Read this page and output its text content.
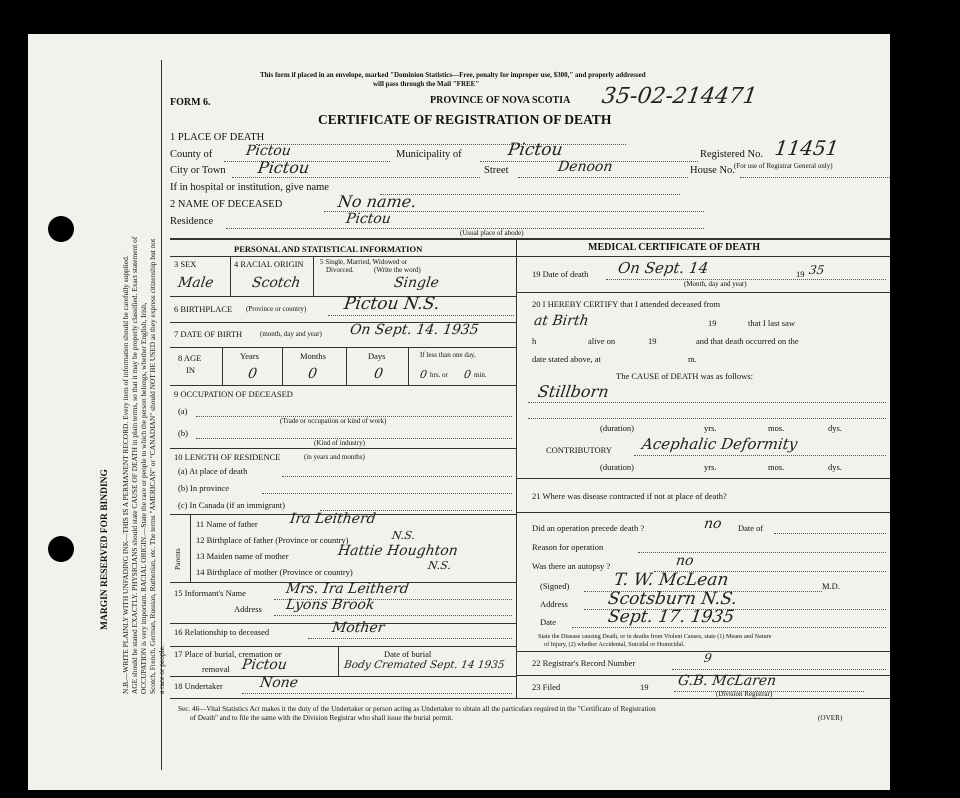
MARGIN RESERVED FOR BINDING N.B.—WRITE PLAINLY WITH UNFADING INK—THIS IS A PERMANENT RECORD. Every item of information should be carefully supplied. AGE should be stated EXACTLY. PHYSICIANS should state CAUSE OF DEATH in plain terms, so that it may be properly classified. Exact statement of OCCUPATION is very important. RACIAL ORIGIN.—State the race or people to which the person belongs, whether English, Irish, Scotch, French, German, Russian, Ruthenian, etc. The terms "AMERICAN" or "CANADIAN" should NOT BE USED as they express citizenship but not a race or people.
This form if placed in an envelope, marked "Dominion Statistics—Free, penalty for improper use, $300," and properly addressed
will pass through the Mail "FREE"
FORM 6.	PROVINCE OF NOVA SCOTIA 35-02-214471
CERTIFICATE OF REGISTRATION OF DEATH
1 PLACE OF DEATH
County of Pictou	Municipality of	Pictou	Registered No. 11451
(For use of Registrar General only)
City or Town Pictou	Street	Denoon	House No.
If in hospital or institution, give name
2 NAME OF DECEASED	No name.
Residence	Pictou
(Usual place of abode)
PERSONAL AND STATISTICAL INFORMATION
3 SEX
Male
4 RACIAL ORIGIN
Scotch
5 Single, Married, Widowed or
Divorced.	(Write the word)
Single
6 BIRTHPLACE (Province or country) Pictou N.S.
7 DATE OF BIRTH	(month, day and year) On Sept. 14. 1935
8 AGE
IN
Years
0
Months
0
Days
0
If less than one day,
0 hrs. or 0 min.
9 OCCUPATION OF DECEASED
(a)
(Trade or occupation or kind of work)
(b)
(Kind of industry)
10 LENGTH OF RESIDENCE	(in years and months)
(a) At place of death
(b) In province
(c) In Canada (if an immigrant)
Parents
11 Name of father Ira Leitherd
12 Birthplace of father (Province or country)	N.S.
13 Maiden name of mother	Hattie Houghton
14 Birthplace of mother (Province or country)	N.S.
15 Informant's Name	Mrs. Ira Leitherd
Address Lyons Brook
16 Relationship to deceased	Mother
17 Place of burial, cremation or
removal Pictou
Date of burial
Body Cremated Sept. 14 1935
18 Undertaker	None
MEDICAL CERTIFICATE OF DEATH
19 Date of death On Sept. 14	19 35
(Month, day and year)
20 I HEREBY CERTIFY that I attended deceased from
at Birth	19	that I last saw
h	alive on	19	and that death occurred on the
date stated above, at	m.
The CAUSE of DEATH was as follows:
Stillborn
(duration)	yrs.	mos.	dys.
CONTRIBUTORY Acephalic Deformity
(duration)	yrs.	mos.	dys.
21 Where was disease contracted if not at place of death?
Did an operation precede death ?	no Date of
Reason for operation
Was there an autopsy ?	no
(Signed)	T. W. McLean	M.D.
Address Scotsburn N.S.
Date	Sept. 17. 1935
State the Disease causing Death, or in deaths from Violent Causes, state (1) Means and Nature
of Injury, (2) whether Accidental, Suicidal or Homicidal.
22 Registrar's Record Number	9
23 Filed	19 G.B. McLaren
(Division Registrar)
Sec. 46—Vital Statistics Act makes it the duty of the Undertaker or person acting as Undertaker to obtain all the particulars required in the "Certificate of Registration
of Death" and to file the same with the Division Registrar who shall issue the burial permit.	(OVER)
